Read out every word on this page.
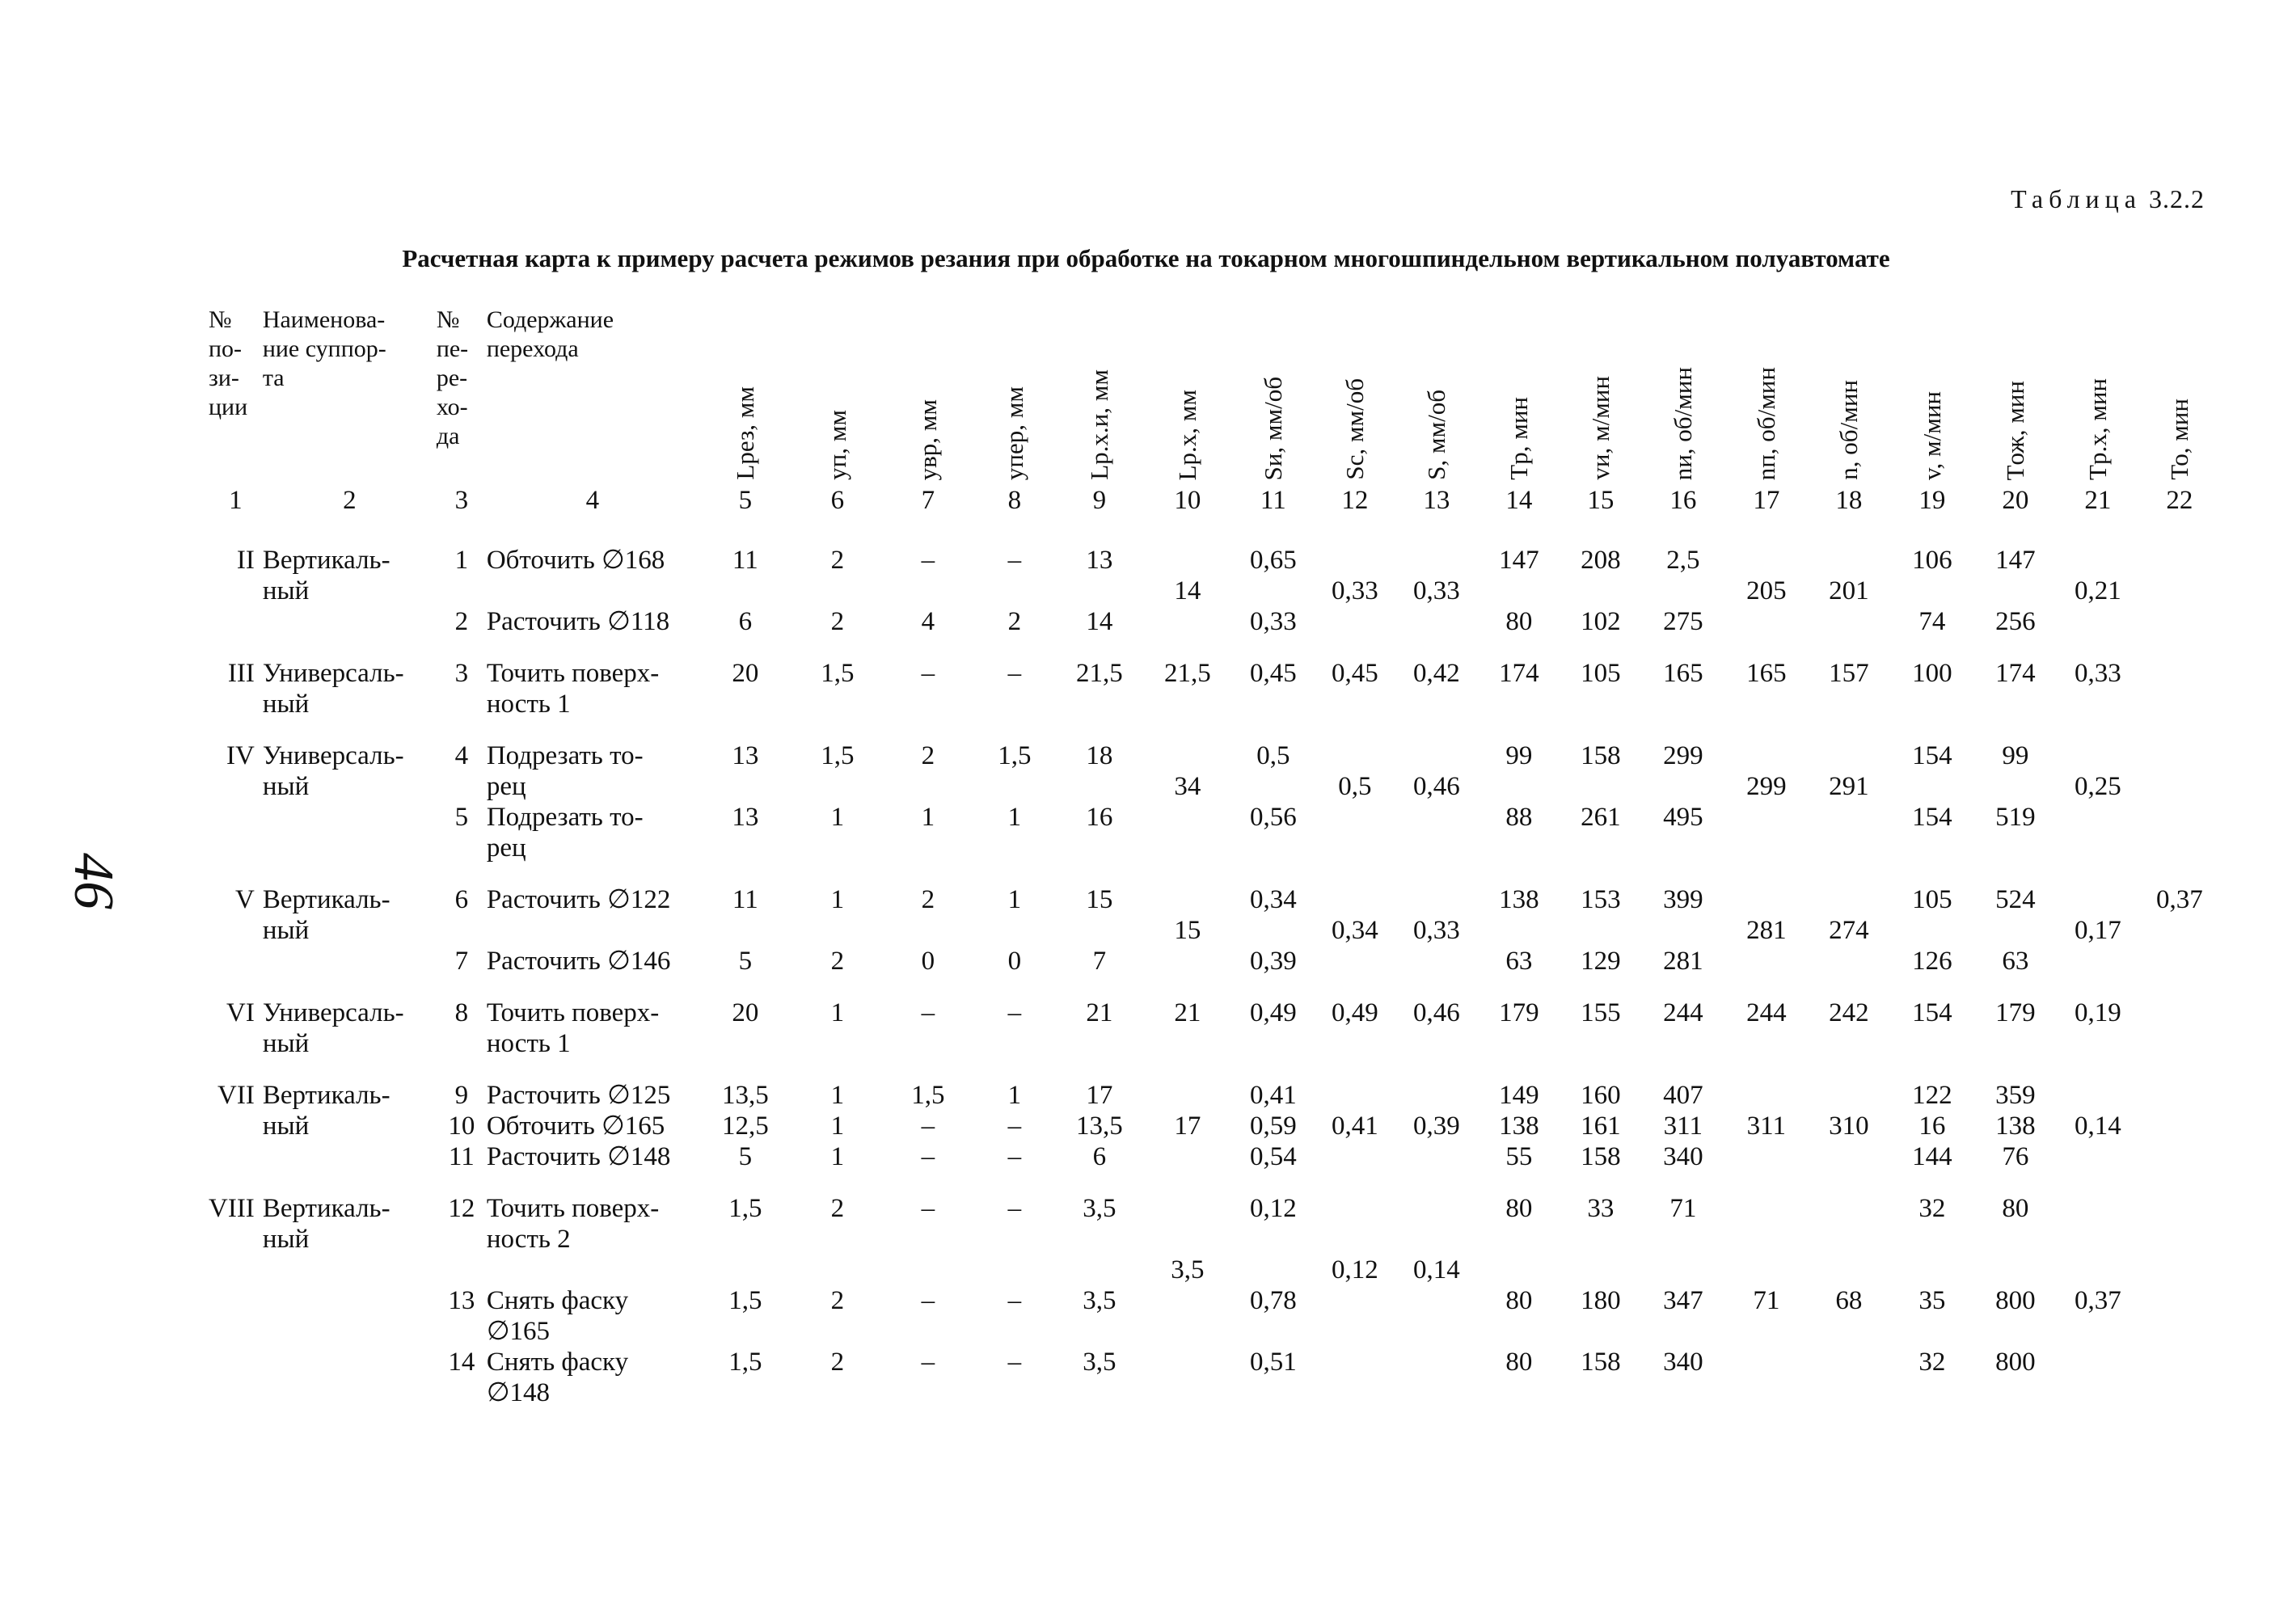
Таблица 3.2.2
Расчетная карта к примеру расчета режимов резания при обработке на токарном многошпиндельном вертикальном полуавтомате
46
№
по-
зи-
ции	Наименова-
ние суппор-
та	№
пе-
ре-
хо-
да	Содержание
перехода	Lрез, мм	yп, мм	yвр, мм	yпер, мм	Lр.х.и, мм	Lр.х, мм	Sи, мм/об	Sс, мм/об	S, мм/об	Tр, мин	vи, м/мин	nи, об/мин	nп, об/мин	n, об/мин	v, м/мин	Tож, мин	Tр.х, мин	To, мин

1	2	3	4	5	6	7	8	9	10	11	12	13	14	15	16	17	18	19	20	21	22

II	Вертикаль-	1	Обточить ∅168	11	2	–	–	13		0,65			147	208	2,5			106	147		
	ный								14		0,33	0,33				205	201			0,21	
		2	Расточить ∅118	6	2	4	2	14		0,33			80	102	275			74	256		

III	Универсаль-	3	Точить поверх-	20	1,5	–	–	21,5	21,5	0,45	0,45	0,42	174	105	165	165	157	100	174	0,33	
	ный		ность 1																		

IV	Универсаль-	4	Подрезать то-	13	1,5	2	1,5	18		0,5			99	158	299			154	99		
	ный		рец						34		0,5	0,46				299	291			0,25	
		5	Подрезать то-	13	1	1	1	16		0,56			88	261	495			154	519		
			рец																		

V	Вертикаль-	6	Расточить ∅122	11	1	2	1	15		0,34			138	153	399			105	524		0,37
	ный								15		0,34	0,33				281	274			0,17	
		7	Расточить ∅146	5	2	0	0	7		0,39			63	129	281			126	63		

VI	Универсаль-	8	Точить поверх-	20	1	–	–	21	21	0,49	0,49	0,46	179	155	244	244	242	154	179	0,19	
	ный		ность 1																		

VII	Вертикаль-	9	Расточить ∅125	13,5	1	1,5	1	17		0,41			149	160	407			122	359		
	ный	10	Обточить ∅165	12,5	1	–	–	13,5	17	0,59	0,41	0,39	138	161	311	311	310	16	138	0,14	
		11	Расточить ∅148	5	1	–	–	6		0,54			55	158	340			144	76		

VIII	Вертикаль-	12	Точить поверх-	1,5	2	–	–	3,5		0,12			80	33	71			32	80		
	ный		ность 2																		
									3,5		0,12	0,14									
		13	Снять фаску	1,5	2	–	–	3,5		0,78			80	180	347	71	68	35	800	0,37	
			∅165																		
		14	Снять фаску	1,5	2	–	–	3,5		0,51			80	158	340			32	800		
			∅148																		
